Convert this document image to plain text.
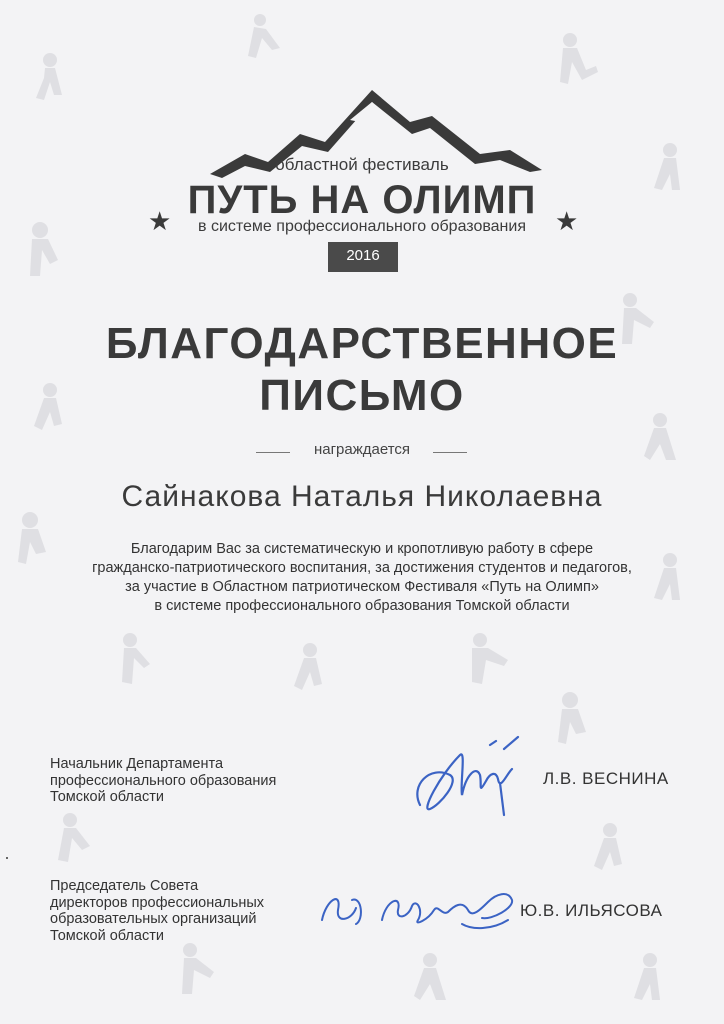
областной фестиваль
ПУТЬ НА ОЛИМП
в системе профессионального образования
★	★
2016
БЛАГОДАРСТВЕННОЕ
ПИСЬМО
награждается
Сайнакова Наталья Николаевна
Благодарим Вас за систематическую и кропотливую работу в сфере
гражданско-патриотического воспитания, за достижения студентов и педагогов,
за участие в Областном патриотическом Фестиваля «Путь на Олимп»
в системе профессионального образования Томской области
Начальник Департамента
профессионального образования
Томской области
Л.В. ВЕСНИНА
Председатель Совета
директоров профессиональных
образовательных организаций
Томской области
Ю.В. ИЛЬЯСОВА
